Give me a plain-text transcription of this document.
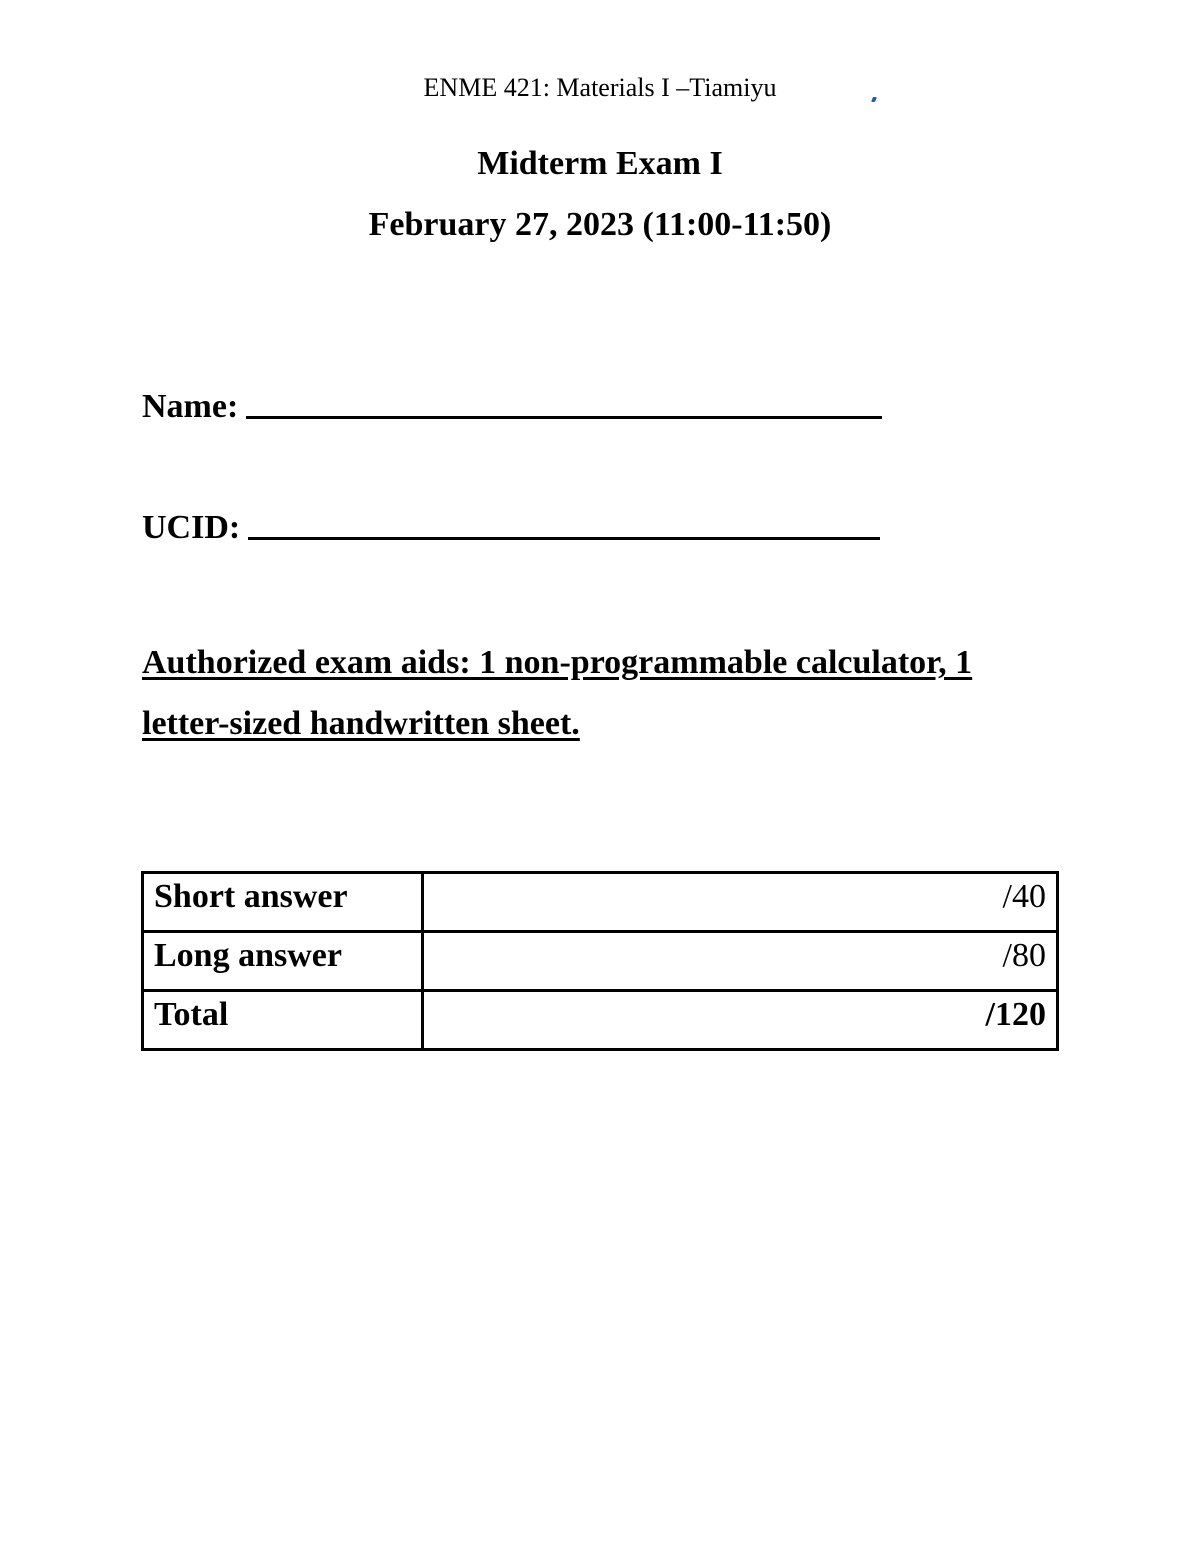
ENME 421: Materials I –Tiamiyu
Midterm Exam I
February 27, 2023 (11:00-11:50)
Name:
UCID:
Authorized exam aids: 1 non-programmable calculator, 1
letter-sized handwritten sheet.
Short answer	/40
Long answer	/80
Total	/120
